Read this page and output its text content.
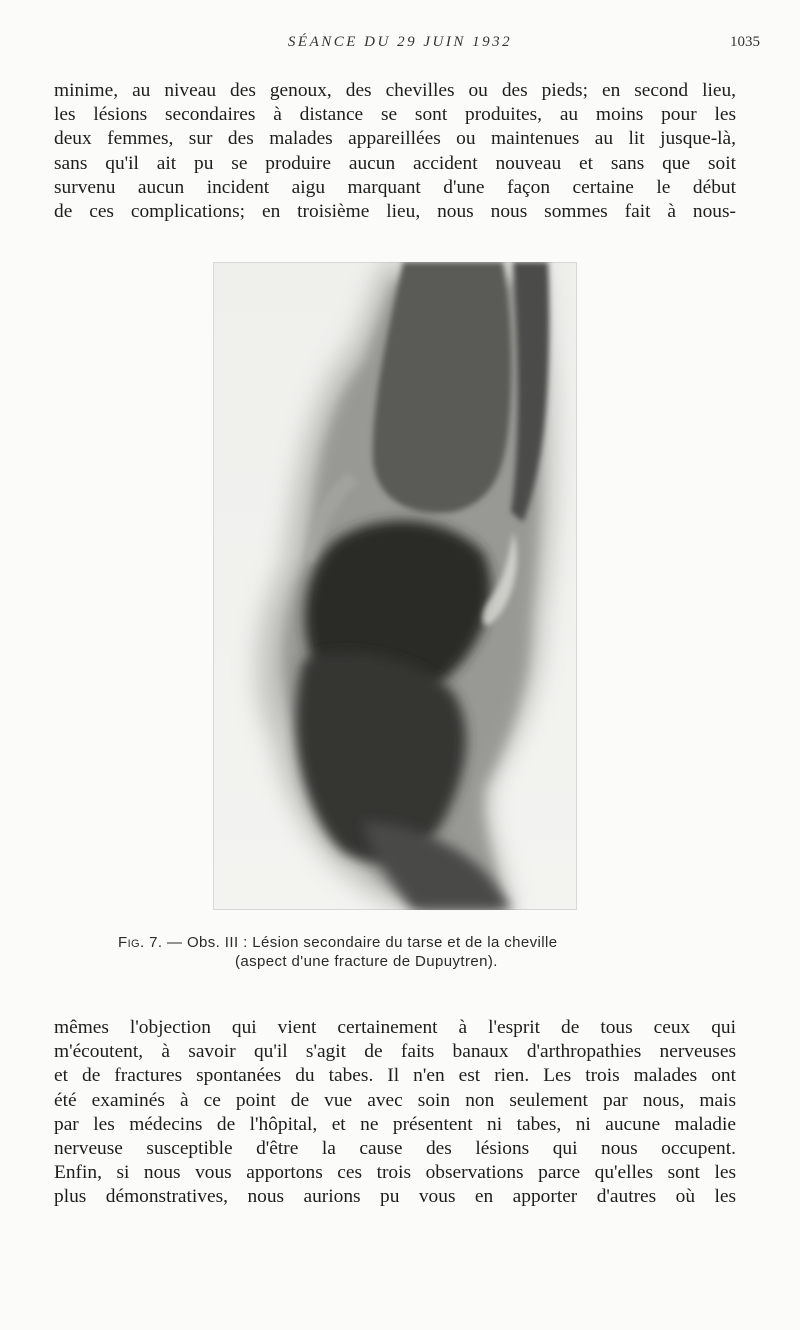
SÉANCE DU 29 JUIN 1932	1035
minime, au niveau des genoux, des chevilles ou des pieds; en second lieu,
les lésions secondaires à distance se sont produites, au moins pour les
deux femmes, sur des malades appareillées ou maintenues au lit jusque-là,
sans qu'il ait pu se produire aucun accident nouveau et sans que soit
survenu aucun incident aigu marquant d'une façon certaine le début
de ces complications; en troisième lieu, nous nous sommes fait à nous-
Fig. 7. — Obs. III : Lésion secondaire du tarse et de la cheville
(aspect d'une fracture de Dupuytren).
mêmes l'objection qui vient certainement à l'esprit de tous ceux qui
m'écoutent, à savoir qu'il s'agit de faits banaux d'arthropathies nerveuses
et de fractures spontanées du tabes. Il n'en est rien. Les trois malades ont
été examinés à ce point de vue avec soin non seulement par nous, mais
par les médecins de l'hôpital, et ne présentent ni tabes, ni aucune maladie
nerveuse susceptible d'être la cause des lésions qui nous occupent.
Enfin, si nous vous apportons ces trois observations parce qu'elles sont les
plus démonstratives, nous aurions pu vous en apporter d'autres où les
